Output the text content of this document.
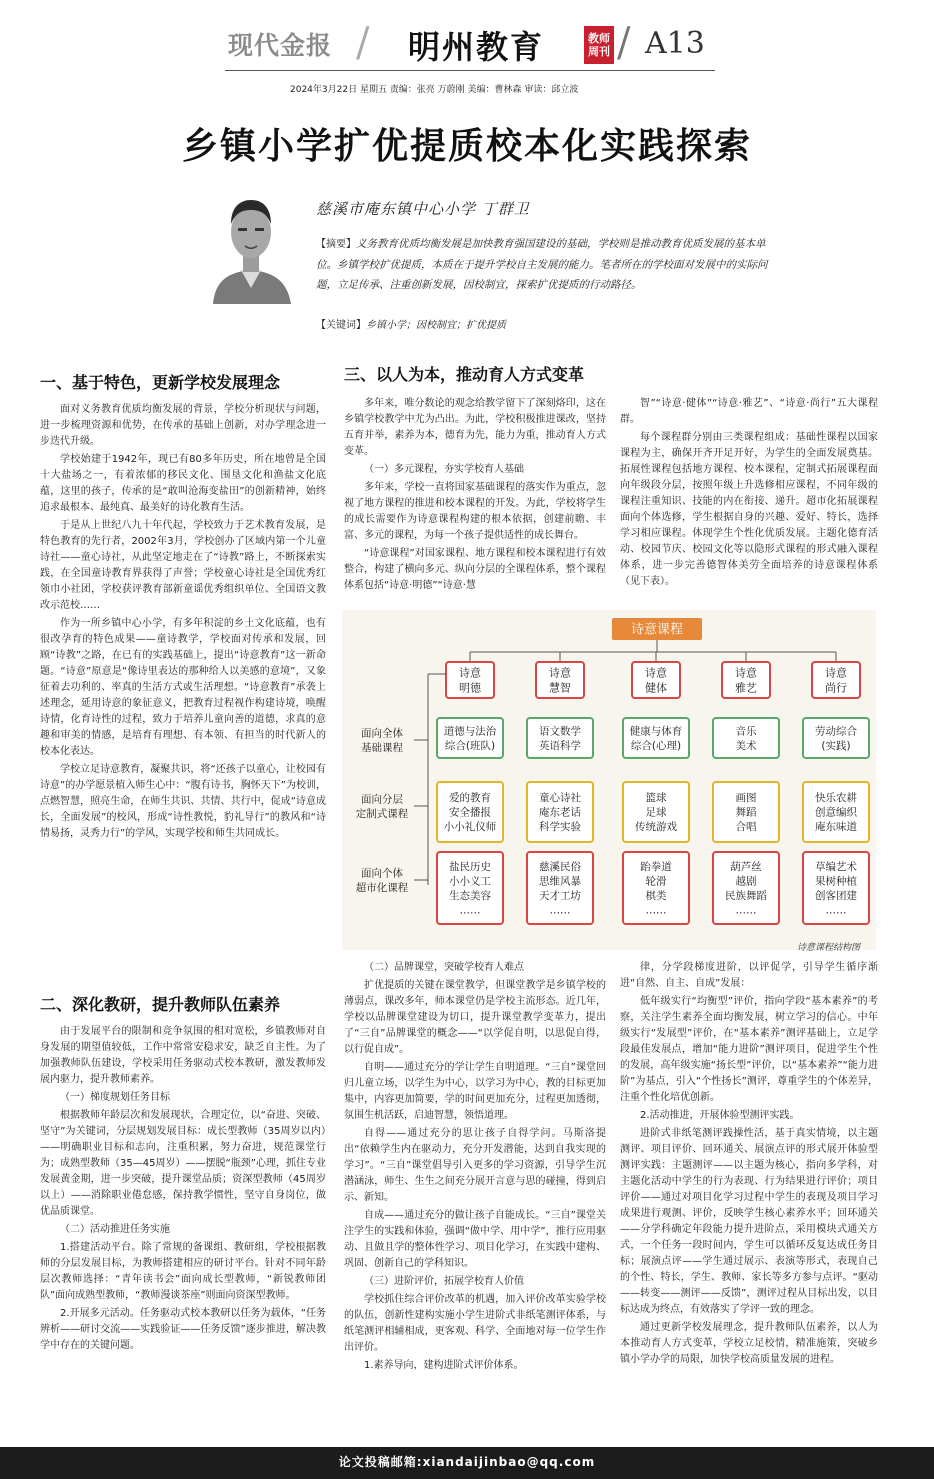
现代金报 / 明州教育	教师周刊 / A13
2024年3月22日 星期五 责编：张亮 万蔚刚 美编：曹林森 审读：邱立波
乡镇小学扩优提质校本化实践探索
慈溪市庵东镇中心小学 丁群卫
【摘要】义务教育优质均衡发展是加快教育强国建设的基础，学校则是推动教育优质发展的基本单位。乡镇学校扩优提质，本质在于提升学校自主发展的能力。笔者所在的学校面对发展中的实际问题，立足传承、注重创新发展，因校制宜，探索扩优提质的行动路径。
【关键词】乡镇小学；因校制宜；扩优提质
一、基于特色，更新学校发展理念

面对义务教育优质均衡发展的背景，学校分析现状与问题，进一步梳理资源和优势，在传承的基础上创新，对办学理念进一步迭代升级。

学校始建于1942年，现已有80多年历史，所在地曾是全国十大盐场之一，有着浓郁的移民文化、围垦文化和渔盐文化底蕴，这里的孩子，传承的是“敢叫沧海变盐田”的创新精神，始终追求最根本、最纯真、最美好的诗化教育生活。

于是从上世纪八九十年代起，学校致力于艺术教育发展，是特色教育的先行者，2002年3月，学校创办了区域内第一个儿童诗社——童心诗社，从此坚定地走在了“诗教”路上，不断探索实践，在全国童诗教育界获得了声誉；学校童心诗社是全国优秀红领巾小社团，学校获评教育部新童谣优秀组织单位、全国语文教改示范校……

作为一所乡镇中心小学，有多年积淀的乡土文化底蕴，也有很改孕育的特色成果——童诗教学，学校面对传承和发展，回顾“诗教”之路，在已有的实践基础上，提出“诗意教育”这一新命题。“诗意”原意是“像诗里表达的那种给人以美感的意境”，又象征着去功利的、率真的生活方式或生活理想。“诗意教育”承袭上述理念，延用诗意的象征意义，把教育过程视作构建诗境，唤醒诗情，化育诗性的过程，致力于培养儿童向善的道德，求真的意趣和审美的情感，是培育有理想、有本领、有担当的时代新人的校本化表达。

学校立足诗意教育，凝聚共识，将“还孩子以童心，让校园有诗意”的办学愿景植入师生心中：“腹有诗书，胸怀天下”为校训，点燃智慧，照亮生命，在师生共识、共情、共行中，促成“诗意成长，全面发展”的校风，形成“诗性教悦，豹礼导行”的教风和“诗情易扬，灵秀力行”的学风，实现学校和师生共同成长。

二、深化教研，提升教师队伍素养

由于发展平台的限制和竞争氛围的相对宽松，乡镇教师对自身发展的期望值较低，工作中常常安稳求安，缺乏自主性。为了加强教师队伍建设，学校采用任务驱动式校本教研，激发教师发展内驱力，提升教师素养。

（一）梯度规划任务目标

根据教师年龄层次和发展现状，合理定位，以“奋进、突破、坚守”为关键词，分层规划发展目标：成长型教师（35周岁以内）——明确职业目标和志向，注重积累，努力奋进，规范课堂行为；成熟型教师（35—45周岁）——摆脱“瓶颈”心理，抓住专业发展黄金期，进一步突破，提升课堂品质；资深型教师（45周岁以上）——消除职业倦怠感，保持教学惯性，坚守自身岗位，做优品质课堂。

（二）活动推进任务实施

1.搭建活动平台。除了常规的备课组、教研组，学校根据教师的分层发展目标，为教师搭建相应的研讨平台。针对不同年龄层次教师选择：“青年读书会”面向成长型教师，“新锐教师团队”面向成熟型教师，“教师漫谈茶座”则面向资深型教师。

2.开展多元活动。任务驱动式校本教研以任务为载体，“任务辨析——研讨交流——实践验证——任务反馈”逐步推进，解决教学中存在的关键问题。

三、以人为本，推动育人方式变革

多年来，唯分数论的观念给教学留下了深刻烙印，这在乡镇学校教学中尤为凸出。为此，学校积极推进课改，坚持五育并举，素养为本，德育为先，能力为重，推动育人方式变革。

（一）多元课程，夯实学校育人基础

多年来，学校一直将国家基础课程的落实作为重点，忽视了地方课程的推进和校本课程的开发。为此，学校将学生的成长需要作为诗意课程构建的根本依据，创建前瞻、丰富、多元的课程，为每一个孩子提供适性的成长舞台。

“诗意课程”对国家课程、地方课程和校本课程进行有效整合，构建了横向多元、纵向分层的全课程体系，整个课程体系包括“诗意·明德”“诗意·慧

智”“诗意·健体”“诗意·雅艺”、“诗意·尚行”五大课程群。

每个课程群分别由三类课程组成：基础性课程以国家课程为主，确保开齐开足开好，为学生的全面发展奠基。拓展性课程包括地方课程、校本课程，定制式拓展课程面向年级段分层，按照年级上升选修相应课程，不同年级的课程注重知识、技能的内在衔接、递升。超市化拓展课程面向个体选修，学生根据自身的兴趣、爱好、特长，选择学习相应课程。体现学生个性化优质发展。主题化德育活动、校园节庆、校园文化等以隐形式课程的形式融入课程体系，进一步完善德智体美劳全面培养的诗意课程体系（见下表）。

诗意课程
诗意明德
诗意慧智
诗意健体
诗意雅艺
诗意尚行
面向全体基础课程
面向分层定制式课程
面向个体超市化课程
道德与法治综合(班队)
语文数学英语科学
健康与体育综合(心理)
音乐美术
劳动综合(实践)
爱的教育安全播报小小礼仪师
童心诗社庵东老话科学实验
篮球足球传统游戏
画图舞蹈合唱
快乐农耕创意编织庵东味道
盐民历史小小义工生态美容……
慈溪民俗思维风暴天才工坊……
跆拳道轮滑棋类……
葫芦丝越剧民族舞蹈……
草编艺术果树种植创客团建……
诗意课程结构图

（二）品牌课堂，突破学校育人难点

扩优提质的关键在课堂教学，但课堂教学是乡镇学校的薄弱点，课改多年，师本课堂仍是学校主流形态。近几年，学校以品牌课堂建设为切口，提升课堂教学变革力，提出了“三自”品牌课堂的概念——“以学促自明，以思促自得，以行促自成”。

自明——通过充分的学让学生自明道理。“三自”课堂回归儿童立场，以学生为中心，以学习为中心，教的目标更加集中，内容更加简要，学的时间更加充分，过程更加透彻，氛围生机活跃，启迪智慧，领悟道理。

自得——通过充分的思让孩子自得学问。马斯洛提出“依赖学生内在驱动力，充分开发潜能，达到自我实现的学习”。“三自”课堂倡导引入更多的学习资源，引导学生沉潜涵泳，师生、生生之间充分展开言意与思的碰撞，得到启示、新知。

自成——通过充分的做让孩子自能成长。“三自”课堂关注学生的实践和体验，强调“做中学、用中学”，推行应用驱动、且做且学的整体性学习、项目化学习，在实践中建构、巩固、创新自己的学科知识。

（三）进阶评价，拓展学校育人价值

学校抓住综合评价改革的机遇，加入评价改革实验学校的队伍，创新性建构实施小学生进阶式非纸笔测评体系，与纸笔测评相辅相成，更客观、科学、全面地对每一位学生作出评价。

1.素养导向，建构进阶式评价体系。

律，分学段梯度进阶，以评促学，引导学生循序渐进“自然、自主、自成”发展：

低年级实行“均衡型”评价，指向学段“基本素养”的考察，关注学生素养全面均衡发展，树立学习的信心。中年级实行“发展型”评价，在“基本素养”测评基础上，立足学段最佳发展点，增加“能力进阶”测评项目，促进学生个性的发展，高年级实施“扬长型”评价，以“基本素养”“能力进阶”为基点，引入“个性扬长”测评，尊重学生的个体差异，注重个性化培优创新。

2.活动推进，开展体验型测评实践。

进阶式非纸笔测评践操性活，基于真实情境，以主题测评、项目评价、回环通关、展演点评的形式展开体验型测评实践：主题测评——以主题为核心，指向多学科，对主题化活动中学生的行为表现、行为结果进行评价；项目评价——通过对项目化学习过程中学生的表现及项目学习成果进行观测、评价，反映学生核心素养水平；回环通关——分学科确定年段能力提升进阶点，采用模块式通关方式，一个任务一段时间内，学生可以循环反复达成任务目标；展演点评——学生通过展示、表演等形式，表现自己的个性、特长，学生、教师、家长等多方参与点评。“驱动——转变——测评——反馈”，测评过程从目标出发，以目标达成为终点，有效落实了学评一致的理念。

通过更新学校发展理念，提升教师队伍素养，以人为本推动育人方式变革，学校立足校情，精准施策，突破乡镇小学办学的局限，加快学校高质量发展的进程。

论文投稿邮箱:xiandaijinbao@qq.com
